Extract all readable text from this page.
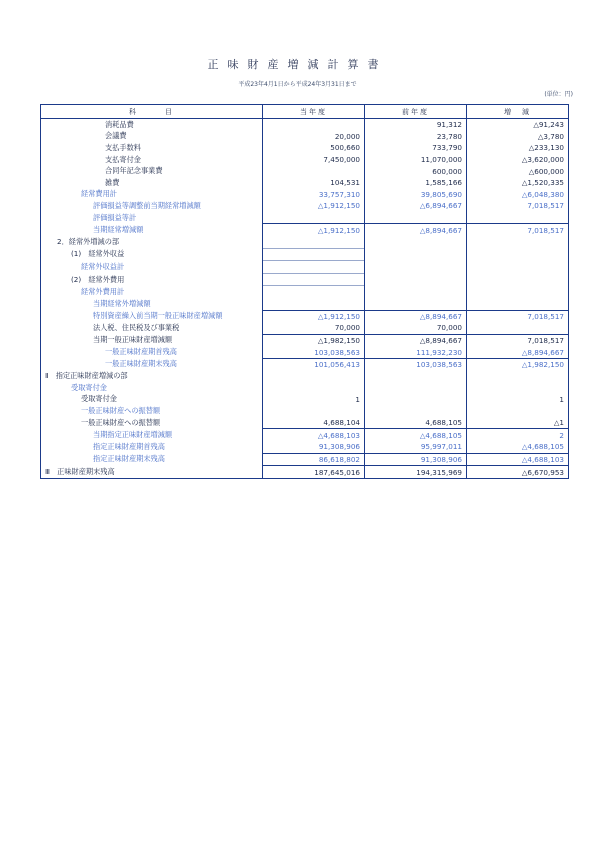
正味財産増減計算書
平成23年4月1日から平成24年3月31日まで
(単位：円)
科　　　目	当年度	前年度	増　減
消耗品費		91,312	△91,243
会議費	20,000	23,780	△3,780
支払手数料	500,660	733,790	△233,130
支払寄付金	7,450,000	11,070,000	△3,620,000
合同年記念事業費		600,000	△600,000
雑費	104,531	1,585,166	△1,520,335
経常費用計	33,757,310	39,805,690	△6,048,380
評価損益等調整前当期経常増減額	△1,912,150	△6,894,667	7,018,517
評価損益等計			
当期経常増減額	△1,912,150	△8,894,667	7,018,517
2．経常外増減の部			
(1)　経常外収益			
経常外収益計			
(2)　経常外費用			
経常外費用計			
当期経常外増減額			
特別資産繰入前当期一般正味財産増減額	△1,912,150	△8,894,667	7,018,517
法人税、住民税及び事業税	70,000	70,000	
当期一般正味財産増減額	△1,982,150	△8,894,667	7,018,517
一般正味財産期首残高	103,038,563	111,932,230	△8,894,667
一般正味財産期末残高	101,056,413	103,038,563	△1,982,150
Ⅱ　指定正味財産増減の部			
受取寄付金			
受取寄付金	1		1
一般正味財産への振替額			
一般正味財産への振替額	4,688,104	4,688,105	△1
当期指定正味財産増減額	△4,688,103	△4,688,105	2
指定正味財産期首残高	91,308,906	95,997,011	△4,688,105
指定正味財産期末残高	86,618,802	91,308,906	△4,688,103
Ⅲ　正味財産期末残高	187,645,016	194,315,969	△6,670,953
